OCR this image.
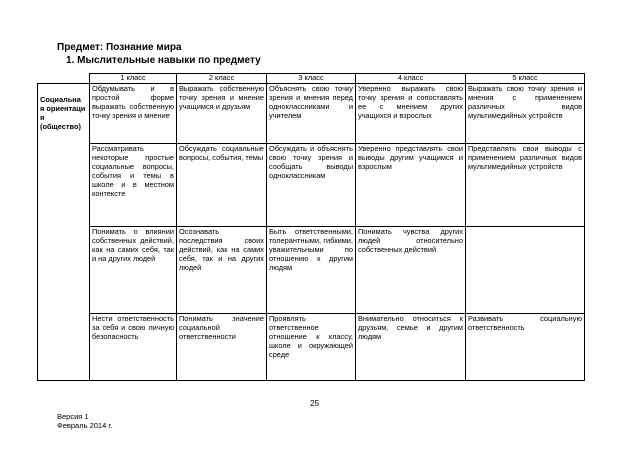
Предмет: Познание мира
1. Мыслительные навыки по предмету
	1 класс	2 класс	3 класс	4 класс	5 класс
Социальна я ориентаци я (общество)	Обдумывать и в простой форме выражать собственную точку зрения и мнение	Выражать собственную точку зрения и мнение учащимся и друзьям	Объяснять свою точку зрения и мнения перед одноклассниками и учителем	Уверенно выражать свою точку зрения и сопоставлять ее с мнением других учащихся и взрослых	Выражать свою точку зрения и мнения с применением различных видов мультимедийных устройств
	Рассматривать некоторые простые социальные вопросы, события и темы в школе и в местном контексте	Обсуждать социальные вопросы, события, темы	Обсуждать и объяснять свою точку зрения и сообщать выводы одноклассникам	Уверенно представлять свои выводы другим учащимся и взрослым	Представлять свои выводы с применением различных видов мультимедийных устройств
	Понимать о влиянии собственных действий, как на самих себя, так и на других людей	Осознавать последствия своих действий, как на самих себя, так и на других людей	Быть ответственными, толерантными, гибкими, уважительными по отношению к другим людям	Понимать чувства других людей относительно собственных действий	
	Нести ответственность за себя и свою личную безопасность	Понимать значение социальной ответственности	Проявлять ответственное отношение к классу, школе и окружающей среде	Внимательно относиться к друзьям, семье и другим людям	Развивать социальную ответственность
25
Версия 1
Февраль 2014 г.
